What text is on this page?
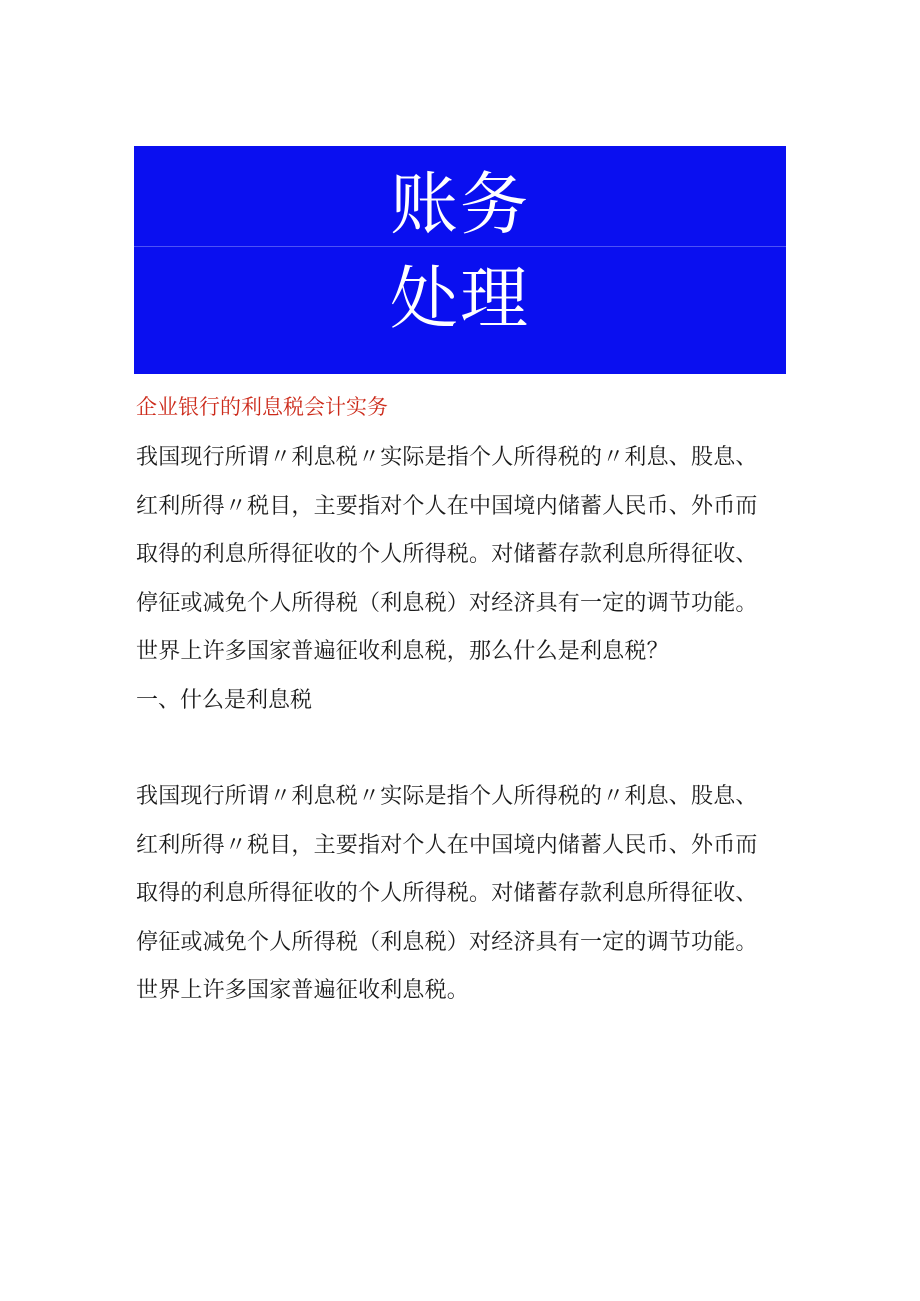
账务
处理
企业银行的利息税会计实务

我国现行所谓〃利息税〃实际是指个人所得税的〃利息、股息、

红利所得〃税目，主要指对个人在中国境内储蓄人民币、外币而

取得的利息所得征收的个人所得税。对储蓄存款利息所得征收、

停征或减免个人所得税（利息税）对经济具有一定的调节功能。

世界上许多国家普遍征收利息税，那么什么是利息税？

一、什么是利息税

我国现行所谓〃利息税〃实际是指个人所得税的〃利息、股息、

红利所得〃税目，主要指对个人在中国境内储蓄人民币、外币而

取得的利息所得征收的个人所得税。对储蓄存款利息所得征收、

停征或减免个人所得税（利息税）对经济具有一定的调节功能。

世界上许多国家普遍征收利息税。
